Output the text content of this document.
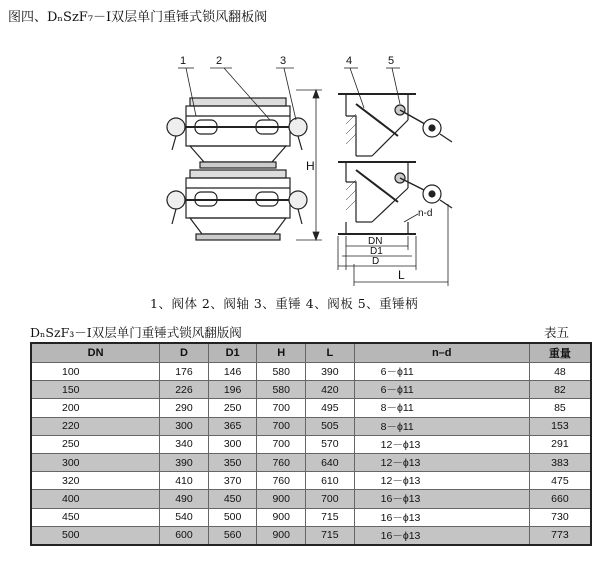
图四、DₙSzF₇－Ⅰ双层单门重锤式锁风翻板阀
1	2	3
H
4	5
n-d
DN
D1
D
L
1、阀体 2、阀轴 3、重锤 4、阀板 5、重锤柄
DₙSzF₃－Ⅰ双层单门重锤式锁风翻版阀	表五
DN	D	D1	H	L	n–d	重量
100	176	146	580	390	6－ϕ11	48
150	226	196	580	420	6－ϕ11	82
200	290	250	700	495	8－ϕ11	85
220	300	365	700	505	8－ϕ11	153
250	340	300	700	570	12－ϕ13	291
300	390	350	760	640	12－ϕ13	383
320	410	370	760	610	12－ϕ13	475
400	490	450	900	700	16－ϕ13	660
450	540	500	900	715	16－ϕ13	730
500	600	560	900	715	16－ϕ13	773
